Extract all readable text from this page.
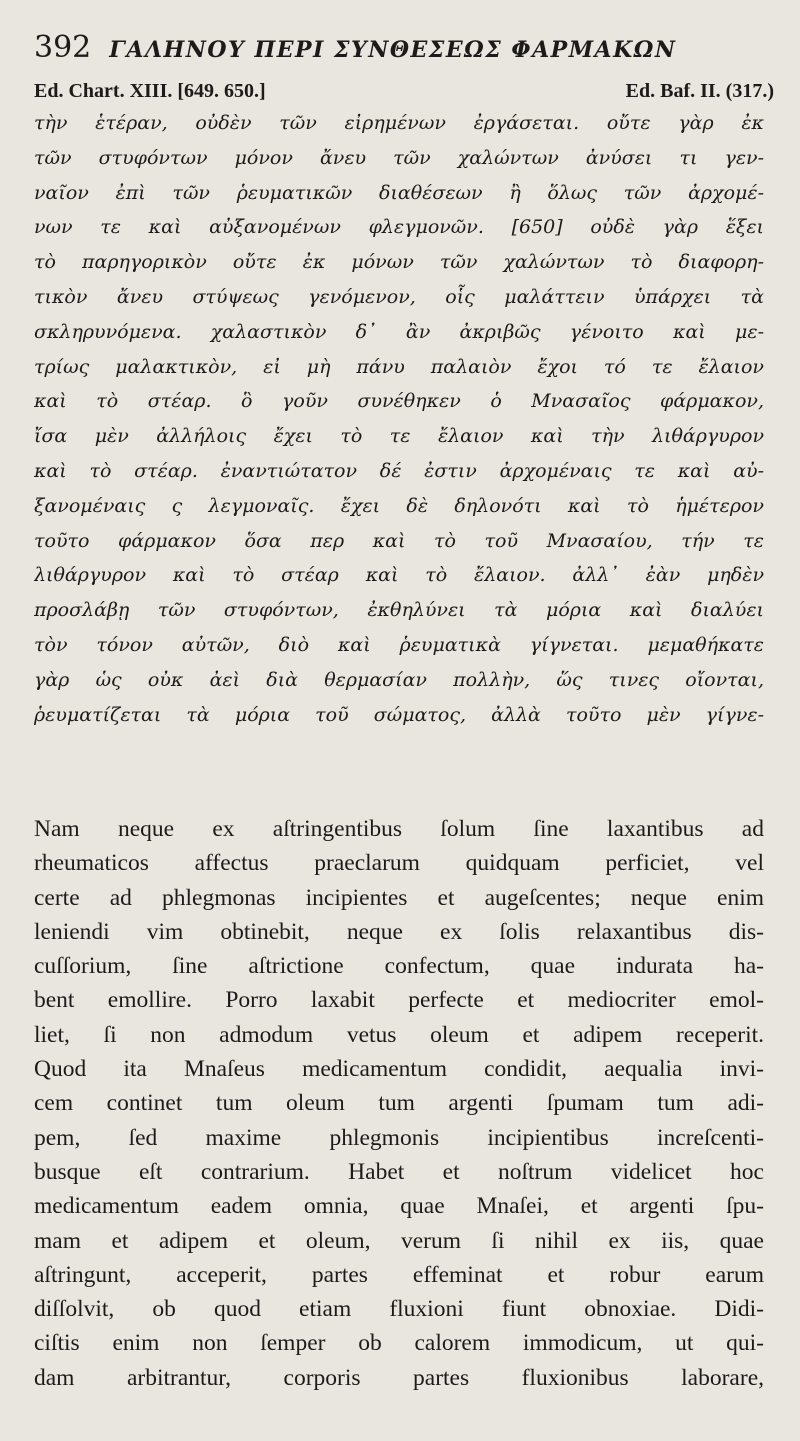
392 ΓΑΛΗΝΟΥ ΠΕΡΙ ΣΥΝΘΕΣΕΩΣ ΦΑΡΜΑΚΩΝ
Ed. Chart. XIII. [649. 650.]	Ed. Baf. II. (317.)
τὴν ἑτέραν, οὐδὲν τῶν εἰρημένων ἐργάσεται. οὔτε γὰρ ἐκ
τῶν στυφόντων μόνον ἄνευ τῶν χαλώντων ἀνύσει τι γεν-
ναῖον ἐπὶ τῶν ῥευματικῶν διαθέσεων ἢ ὅλως τῶν ἀρχομέ-
νων τε καὶ αὐξανομένων φλεγμονῶν. [650] οὐδὲ γὰρ ἕξει
τὸ παρηγορικὸν οὔτε ἐκ μόνων τῶν χαλώντων τὸ διαφορη-
τικὸν ἄνευ στύψεως γενόμενον, οἷς μαλάττειν ὑπάρχει τὰ
σκληρυνόμενα. χαλαστικὸν δ᾽ ἂν ἀκριβῶς γένοιτο καὶ με-
τρίως μαλακτικὸν, εἰ μὴ πάνυ παλαιὸν ἔχοι τό τε ἔλαιον
καὶ τὸ στέαρ. ὃ γοῦν συνέθηκεν ὁ Μνασαῖος φάρμακον,
ἴσα μὲν ἀλλήλοις ἔχει τὸ τε ἔλαιον καὶ τὴν λιθάργυρον
καὶ τὸ στέαρ. ἐναντιώτατον δέ ἐστιν ἀρχομέναις τε καὶ αὐ-
ξανομέναις ς λεγμοναῖς. ἔχει δὲ δηλονότι καὶ τὸ ἡμέτερον
τοῦτο φάρμακον ὅσα περ καὶ τὸ τοῦ Μνασαίου, τήν τε
λιθάργυρον καὶ τὸ στέαρ καὶ τὸ ἔλαιον. ἀλλ᾽ ἐὰν μηδὲν
προσλάβῃ τῶν στυφόντων, ἐκθηλύνει τὰ μόρια καὶ διαλύει
τὸν τόνον αὐτῶν, διὸ καὶ ῥευματικὰ γίγνεται. μεμαθήκατε
γὰρ ὡς οὐκ ἀεὶ διὰ θερμασίαν πολλὴν, ὥς τινες οἴονται,
ῥευματίζεται τὰ μόρια τοῦ σώματος, ἀλλὰ τοῦτο μὲν γίγνε-
Nam neque ex aſtringentibus ſolum ſine laxantibus ad
rheumaticos affectus praeclarum quidquam perficiet, vel
certe ad phlegmonas incipientes et augeſcentes; neque enim
leniendi vim obtinebit, neque ex ſolis relaxantibus dis-
cuſſorium, ſine aſtrictione confectum, quae indurata ha-
bent emollire. Porro laxabit perfecte et mediocriter emol-
liet, ſi non admodum vetus oleum et adipem receperit.
Quod ita Mnaſeus medicamentum condidit, aequalia invi-
cem continet tum oleum tum argenti ſpumam tum adi-
pem, ſed maxime phlegmonis incipientibus increſcenti-
busque eſt contrarium. Habet et noſtrum videlicet hoc
medicamentum eadem omnia, quae Mnaſei, et argenti ſpu-
mam et adipem et oleum, verum ſi nihil ex iis, quae
aſtringunt, acceperit, partes effeminat et robur earum
diſſolvit, ob quod etiam fluxioni fiunt obnoxiae. Didi-
ciſtis enim non ſemper ob calorem immodicum, ut qui-
dam arbitrantur, corporis partes fluxionibus laborare,
